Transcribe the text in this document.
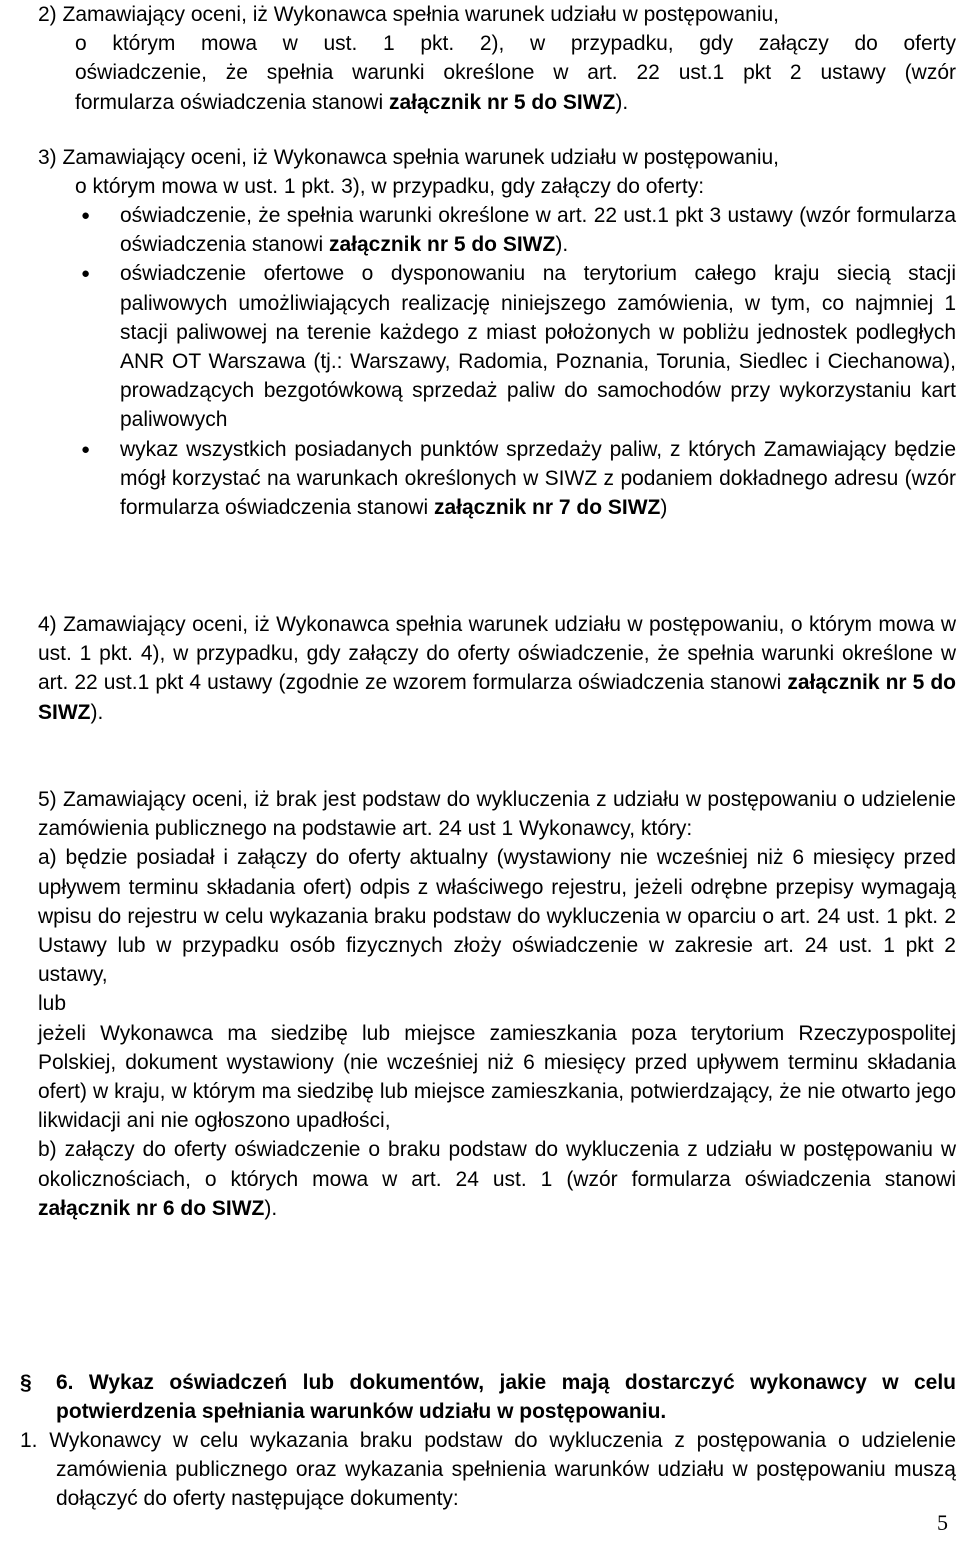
2) Zamawiający oceni, iż Wykonawca spełnia warunek udziału w postępowaniu,

o którym mowa w ust. 1 pkt. 2), w przypadku, gdy załączy do oferty

oświadczenie, że spełnia warunki określone w art. 22 ust.1 pkt 2 ustawy (wzór

formularza oświadczenia stanowi załącznik nr 5 do SIWZ).

3) Zamawiający oceni, iż Wykonawca spełnia warunek udziału w postępowaniu,

o którym mowa w ust. 1 pkt. 3), w przypadku, gdy załączy do oferty:

● oświadczenie, że spełnia warunki określone w art. 22 ust.1 pkt 3 ustawy (wzór formularza oświadczenia stanowi załącznik nr 5 do SIWZ).
● oświadczenie ofertowe o dysponowaniu na terytorium całego kraju siecią stacji paliwowych umożliwiających realizację niniejszego zamówienia, w tym, co najmniej 1 stacji paliwowej na terenie każdego z miast położonych w pobliżu jednostek podległych ANR OT Warszawa (tj.: Warszawy, Radomia, Poznania, Torunia, Siedlec i Ciechanowa), prowadzących bezgotówkową sprzedaż paliw do samochodów przy wykorzystaniu kart paliwowych
● wykaz wszystkich posiadanych punktów sprzedaży paliw, z których Zamawiający będzie mógł korzystać na warunkach określonych w SIWZ z podaniem dokładnego adresu (wzór formularza oświadczenia stanowi załącznik nr 7 do SIWZ)
4) Zamawiający oceni, iż Wykonawca spełnia warunek udziału w postępowaniu, o którym mowa w ust. 1 pkt. 4), w przypadku, gdy załączy do oferty oświadczenie, że spełnia warunki określone w art. 22 ust.1 pkt 4 ustawy (zgodnie ze wzorem formularza oświadczenia stanowi załącznik nr 5 do SIWZ).

5) Zamawiający oceni, iż brak jest podstaw do wykluczenia z udziału w postępowaniu o udzielenie zamówienia publicznego na podstawie art. 24 ust 1 Wykonawcy, który:

a) będzie posiadał i załączy do oferty aktualny (wystawiony nie wcześniej niż 6 miesięcy przed upływem terminu składania ofert) odpis z właściwego rejestru, jeżeli odrębne przepisy wymagają wpisu do rejestru w celu wykazania braku podstaw do wykluczenia w oparciu o art. 24 ust. 1 pkt. 2 Ustawy lub w przypadku osób fizycznych złoży oświadczenie w zakresie art. 24 ust. 1 pkt 2 ustawy,

lub

jeżeli Wykonawca ma siedzibę lub miejsce zamieszkania poza terytorium Rzeczypospolitej Polskiej, dokument wystawiony (nie wcześniej niż 6 miesięcy przed upływem terminu składania ofert) w kraju, w którym ma siedzibę lub miejsce zamieszkania, potwierdzający, że nie otwarto jego likwidacji ani nie ogłoszono upadłości,

b) załączy do oferty oświadczenie o braku podstaw do wykluczenia z udziału w postępowaniu w okolicznościach, o których mowa w art. 24 ust. 1 (wzór formularza oświadczenia stanowi załącznik nr 6 do SIWZ).

§ 6. Wykaz oświadczeń lub dokumentów, jakie mają dostarczyć wykonawcy w celu potwierdzenia spełniania warunków udziału w postępowaniu.

1. Wykonawcy w celu wykazania braku podstaw do wykluczenia z postępowania o udzielenie zamówienia publicznego oraz wykazania spełnienia warunków udziału w postępowaniu muszą dołączyć do oferty następujące dokumenty:

5
